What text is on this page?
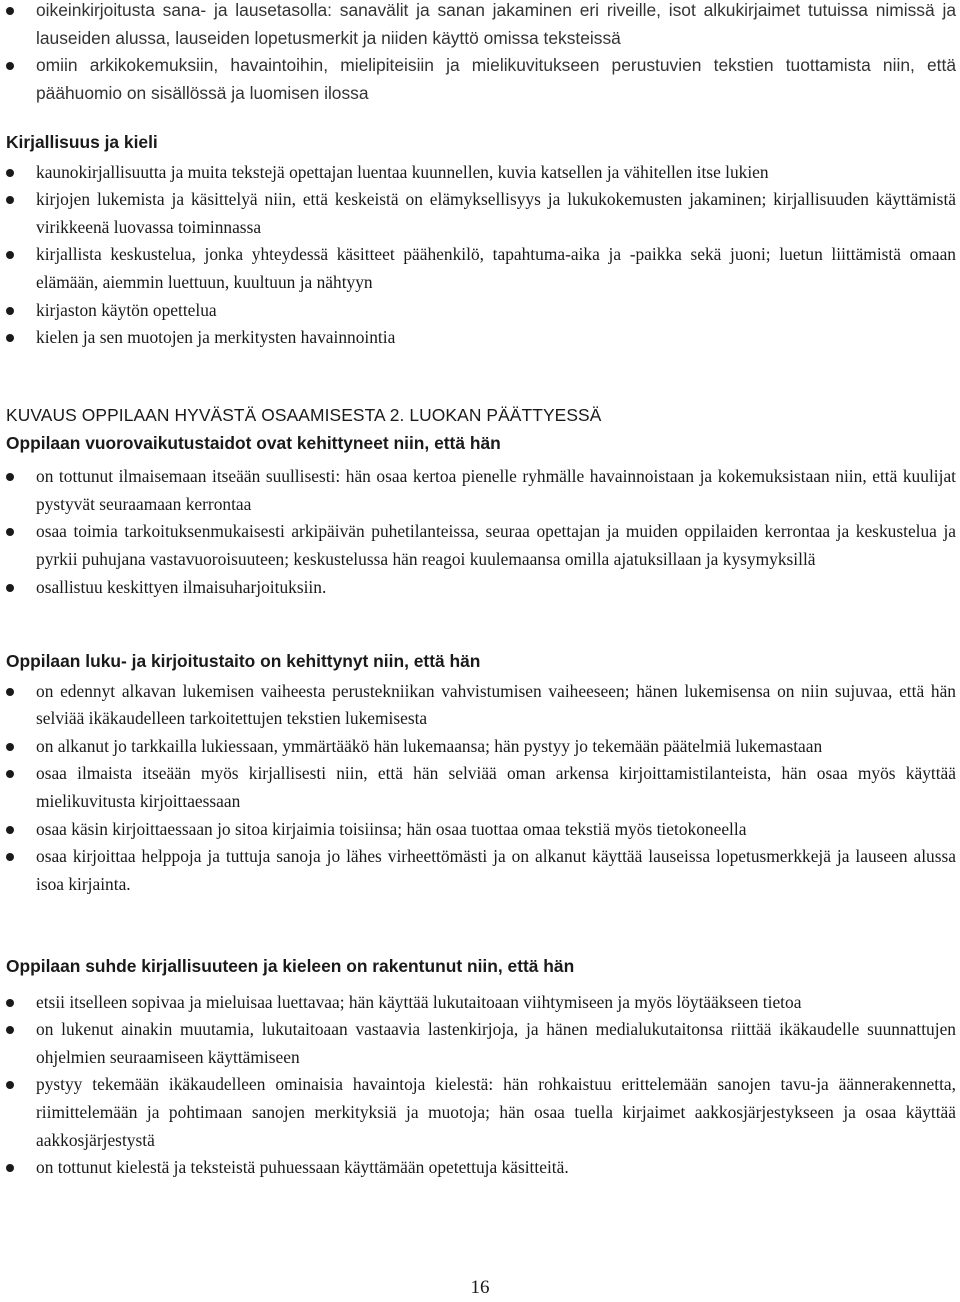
oikeinkirjoitusta sana- ja lausetasolla: sanavälit ja sanan jakaminen eri riveille, isot alkukirjaimet tutuissa nimissä ja lauseiden alussa, lauseiden lopetusmerkit ja niiden käyttö omissa teksteissä
omiin arkikokemuksiin, havaintoihin, mielipiteisiin ja mielikuvitukseen perustuvien tekstien tuottamista niin, että päähuomio on sisällössä ja luomisen ilossa

Kirjallisuus ja kieli

kaunokirjallisuutta ja muita tekstejä opettajan luentaa kuunnellen, kuvia katsellen ja vähitellen itse lukien
kirjojen lukemista ja käsittelyä niin, että keskeistä on elämyksellisyys ja lukukokemusten jakaminen; kirjallisuuden käyttämistä virikkeenä luovassa toiminnassa
kirjallista keskustelua, jonka yhteydessä käsitteet päähenkilö, tapahtuma-aika ja -paikka sekä juoni; luetun liittämistä omaan elämään, aiemmin luettuun, kuultuun ja nähtyyn
kirjaston käytön opettelua
kielen ja sen muotojen ja merkitysten havainnointia

KUVAUS OPPILAAN HYVÄSTÄ OSAAMISESTA 2. LUOKAN PÄÄTTYESSÄ

Oppilaan vuorovaikutustaidot ovat kehittyneet niin, että hän

on tottunut ilmaisemaan itseään suullisesti: hän osaa kertoa pienelle ryhmälle havainnoistaan ja kokemuksistaan niin, että kuulijat pystyvät seuraamaan kerrontaa
osaa toimia tarkoituksenmukaisesti arkipäivän puhetilanteissa, seuraa opettajan ja muiden oppilaiden kerrontaa ja keskustelua ja pyrkii puhujana vastavuoroisuuteen; keskustelussa hän reagoi kuulemaansa omilla ajatuksillaan ja kysymyksillä
osallistuu keskittyen ilmaisuharjoituksiin.

Oppilaan luku- ja kirjoitustaito on kehittynyt niin, että hän

on edennyt alkavan lukemisen vaiheesta perustekniikan vahvistumisen vaiheeseen; hänen lukemisensa on niin sujuvaa, että hän selviää ikäkaudelleen tarkoitettujen tekstien lukemisesta
on alkanut jo tarkkailla lukiessaan, ymmärtääkö hän lukemaansa; hän pystyy jo tekemään päätelmiä lukemastaan
osaa ilmaista itseään myös kirjallisesti niin, että hän selviää oman arkensa kirjoittamistilanteista, hän osaa myös käyttää mielikuvitusta kirjoittaessaan
osaa käsin kirjoittaessaan jo sitoa kirjaimia toisiinsa; hän osaa tuottaa omaa tekstiä myös tietokoneella
osaa kirjoittaa helppoja ja tuttuja sanoja jo lähes virheettömästi ja on alkanut käyttää lauseissa lopetusmerkkejä ja lauseen alussa isoa kirjainta.

Oppilaan suhde kirjallisuuteen ja kieleen on rakentunut niin, että hän

etsii itselleen sopivaa ja mieluisaa luettavaa; hän käyttää lukutaitoaan viihtymiseen ja myös löytääkseen tietoa
on lukenut ainakin muutamia, lukutaitoaan vastaavia lastenkirjoja, ja hänen medialukutaitonsa riittää ikäkaudelle suunnattujen ohjelmien seuraamiseen käyttämiseen
pystyy tekemään ikäkaudelleen ominaisia havaintoja kielestä: hän rohkaistuu erittelemään sanojen tavu-ja äännerakennetta, riimittelemään ja pohtimaan sanojen merkityksiä ja muotoja; hän osaa tuella kirjaimet aakkosjärjestykseen ja osaa käyttää aakkosjärjestystä
on tottunut kielestä ja teksteistä puhuessaan käyttämään opetettuja käsitteitä.
16
